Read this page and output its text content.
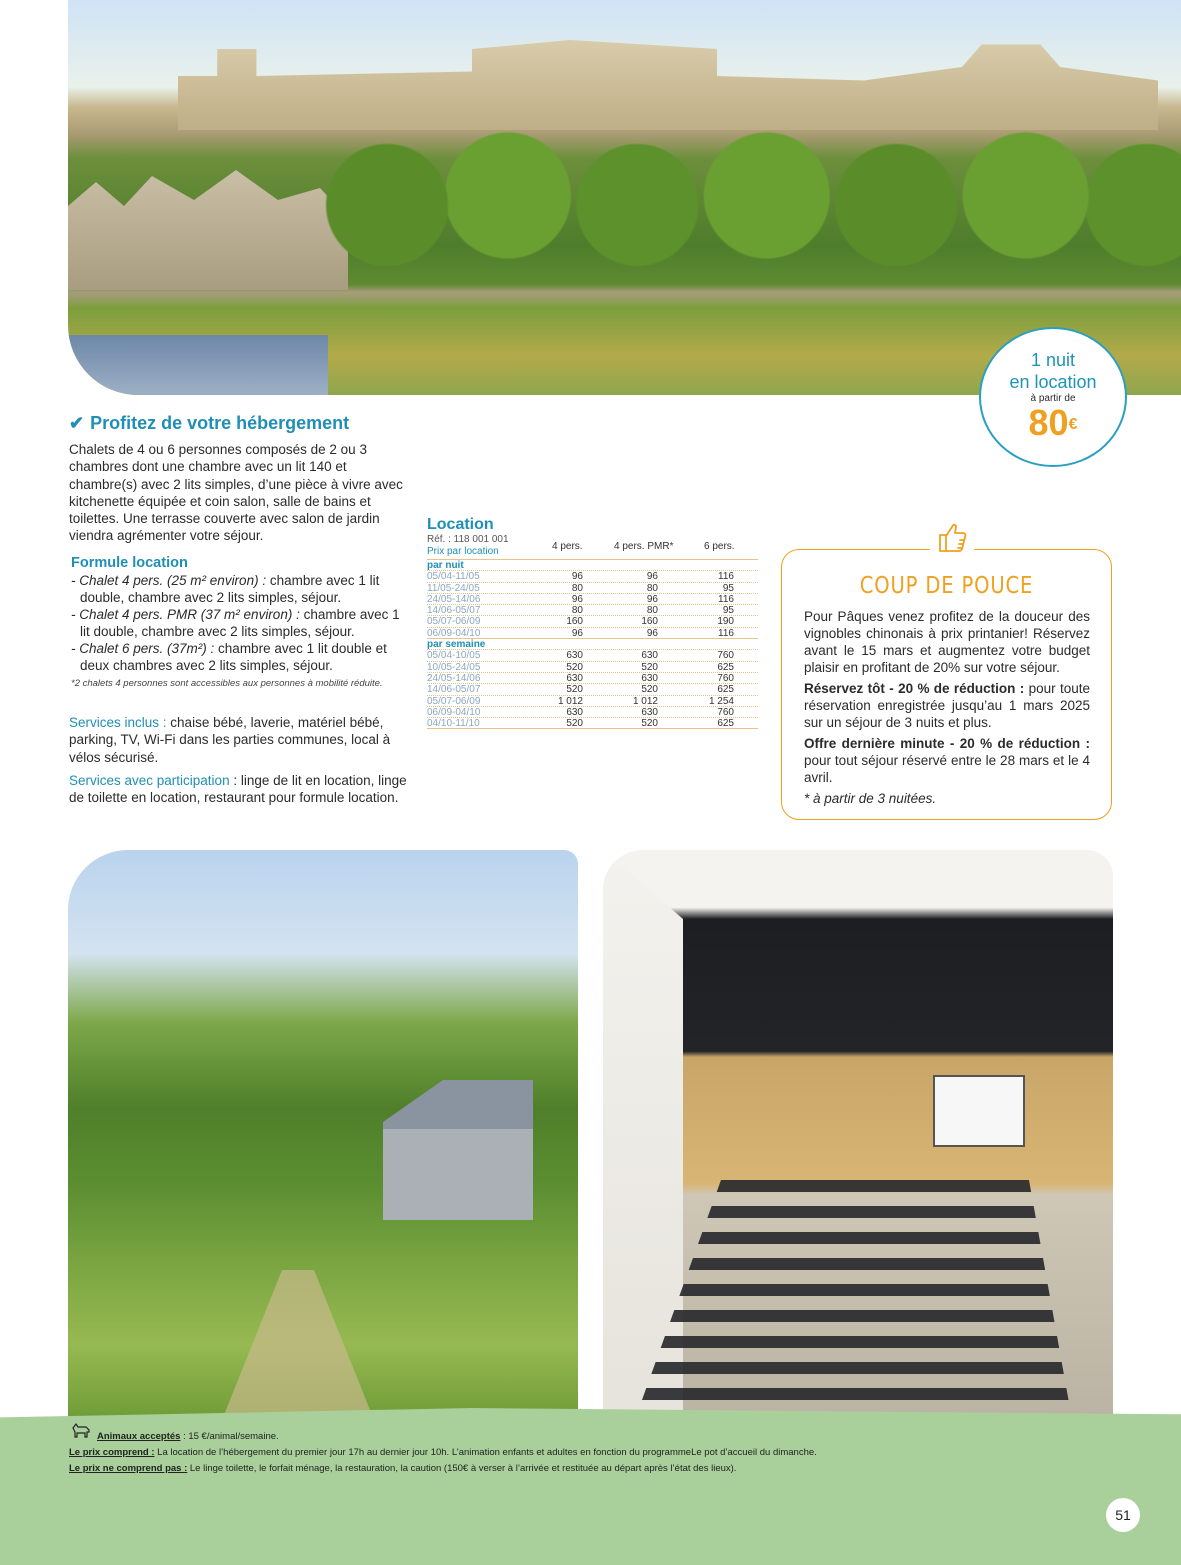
1 nuit
en location
à partir de
80€
✔ Profitez de votre hébergement

Chalets de 4 ou 6 personnes composés de 2 ou 3 chambres dont une chambre avec un lit 140 et chambre(s) avec 2 lits simples, d’une pièce à vivre avec kitchenette équipée et coin salon, salle de bains et toilettes. Une terrasse couverte avec salon de jardin viendra agrémenter votre séjour.

Formule location
- Chalet 4 pers. (25 m² environ) : chambre avec 1 lit double, chambre avec 2 lits simples, séjour.
- Chalet 4 pers. PMR (37 m² environ) : chambre avec 1 lit double, chambre avec 2 lits simples, séjour.
- Chalet 6 pers. (37m²) : chambre avec 1 lit double et deux chambres avec 2 lits simples, séjour.

*2 chalets 4 personnes sont accessibles aux personnes à mobilité réduite.

Services inclus : chaise bébé, laverie, matériel bébé, parking, TV, Wi-Fi dans les parties communes, local à vélos sécurisé.

Services avec participation : linge de lit en location, linge de toilette en location, restaurant pour formule location.

Location
Réf. : 118 001 001
Prix par location	4 pers.	4 pers. PMR*	6 pers.
par nuit
05/04-11/05	96	96	116
11/05-24/05	80	80	95
24/05-14/06	96	96	116
14/06-05/07	80	80	95
05/07-06/09	160	160	190
06/09-04/10	96	96	116
par semaine
05/04-10/05	630	630	760
10/05-24/05	520	520	625
24/05-14/06	630	630	760
14/06-05/07	520	520	625
05/07-06/09	1 012	1 012	1 254
06/09-04/10	630	630	760
04/10-11/10	520	520	625
COUP DE POUCE

Pour Pâques venez profitez de la douceur des vignobles chinonais à prix printanier! Réservez avant le 15 mars et augmentez votre budget plaisir en profitant de 20% sur votre séjour.

Réservez tôt - 20 % de réduction : pour toute réservation enregistrée jusqu’au 1 mars 2025 sur un séjour de 3 nuits et plus.

Offre dernière minute - 20 % de réduction : pour tout séjour réservé entre le 28 mars et le 4 avril.

* à partir de 3 nuitées.

Animaux acceptés : 15 €/animal/semaine.
Le prix comprend : La location de l’hébergement du premier jour 17h au dernier jour 10h. L’animation enfants et adultes en fonction du programmeLe pot d’accueil du dimanche.
Le prix ne comprend pas : Le linge toilette, le forfait ménage, la restauration, la caution (150€ à verser à l’arrivée et restituée au départ après l’état des lieux).
51
